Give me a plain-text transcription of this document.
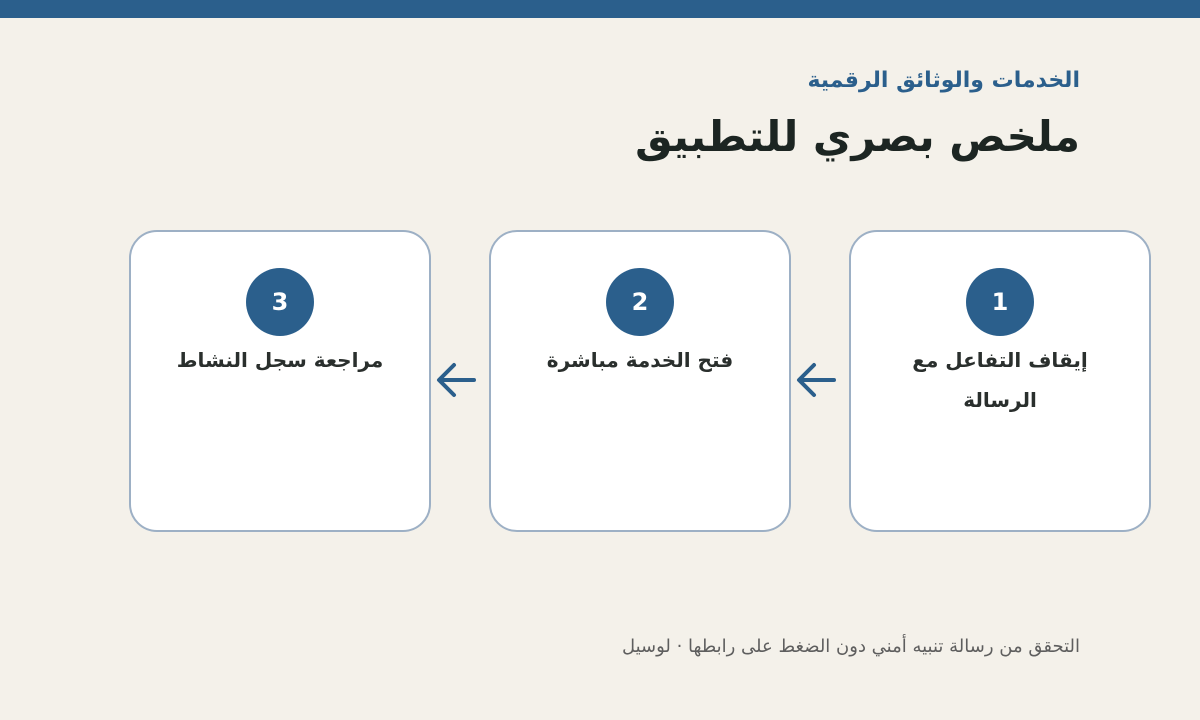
الخدمات والوثائق الرقمية
ملخص بصري للتطبيق
1
إيقاف التفاعل مع الرسالة
2
فتح الخدمة مباشرة
3
مراجعة سجل النشاط
التحقق من رسالة تنبيه أمني دون الضغط على رابطها · لوسيل
